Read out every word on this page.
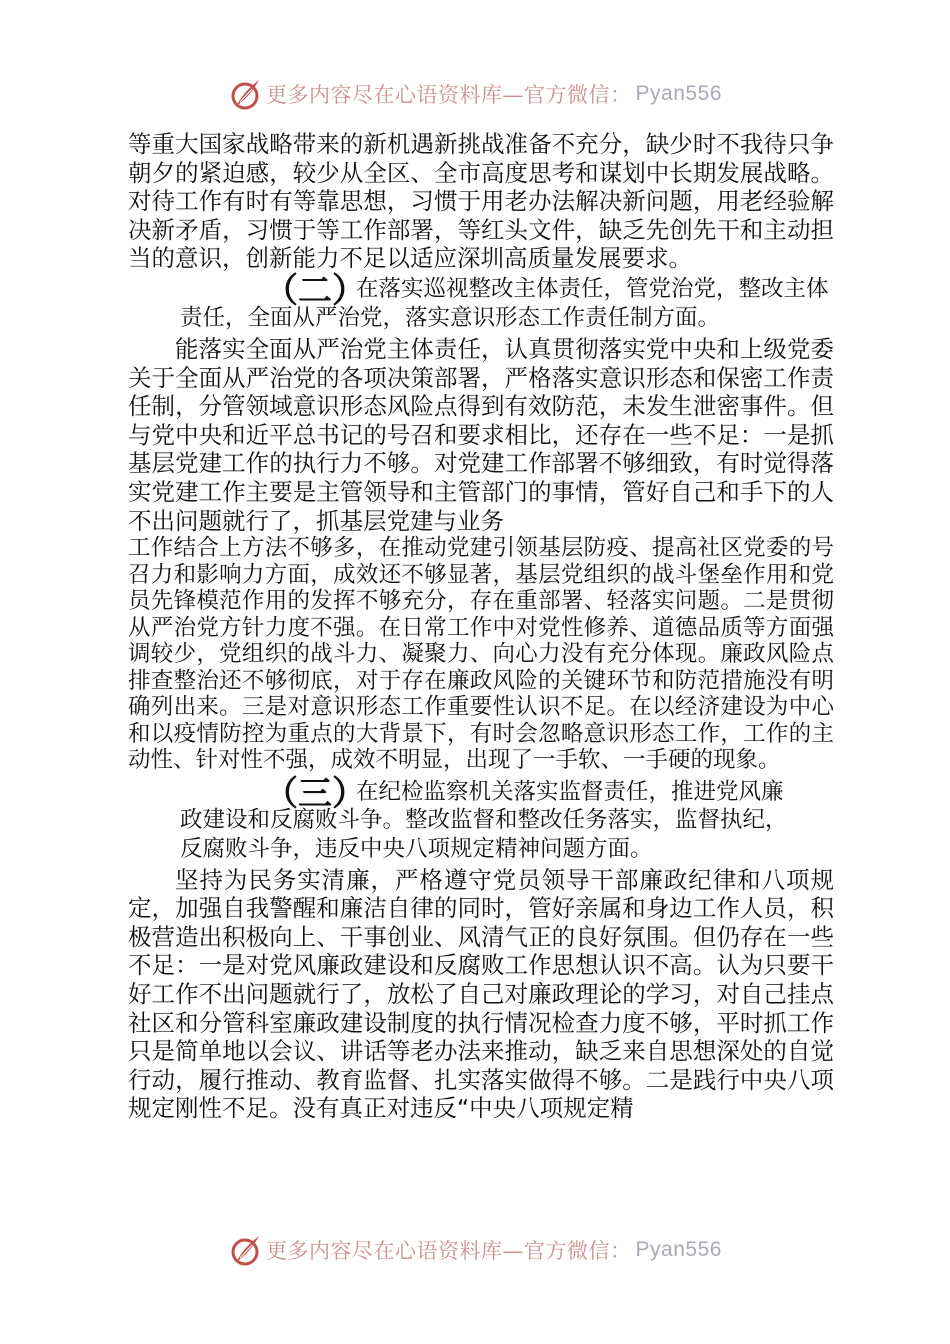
更多内容尽在心语资料库—官方微信： Pyan556

等重大国家战略带来的新机遇新挑战准备不充分，缺少时不我待只争朝夕的紧迫感，较少从全区、全市高度思考和谋划中长期发展战略。对待工作有时有等靠思想，习惯于用老办法解决新问题，用老经验解决新矛盾，习惯于等工作部署，等红头文件，缺乏先创先干和主动担当的意识，创新能力不足以适应深圳高质量发展要求。

（二）
在落实巡视整改主体责任，管党治党，整改主体
责任，全面从严治党，落实意识形态工作责任制方面。

能落实全面从严治党主体责任，认真贯彻落实党中央和上级党委关于全面从严治党的各项决策部署，严格落实意识形态和保密工作责任制，分管领域意识形态风险点得到有效防范，未发生泄密事件。但与党中央和近平总书记的号召和要求相比，还存在一些不足：一是抓基层党建工作的执行力不够。对党建工作部署不够细致，有时觉得落实党建工作主要是主管领导和主管部门的事情，管好自己和手下的人不出问题就行了，抓基层党建与业务

工作结合上方法不够多，在推动党建引领基层防疫、提高社区党委的号召力和影响力方面，成效还不够显著，基层党组织的战斗堡垒作用和党员先锋模范作用的发挥不够充分，存在重部署、轻落实问题。二是贯彻从严治党方针力度不强。在日常工作中对党性修养、道德品质等方面强调较少，党组织的战斗力、凝聚力、向心力没有充分体现。廉政风险点排查整治还不够彻底，对于存在廉政风险的关键环节和防范措施没有明确列出来。三是对意识形态工作重要性认识不足。在以经济建设为中心和以疫情防控为重点的大背景下，有时会忽略意识形态工作，工作的主动性、针对性不强，成效不明显，出现了一手软、一手硬的现象。

（三）
在纪检监察机关落实监督责任，推进党风廉
政建设和反腐败斗争。整改监督和整改任务落实，监督执纪，
反腐败斗争，违反中央八项规定精神问题方面。

坚持为民务实清廉，严格遵守党员领导干部廉政纪律和八项规定，加强自我警醒和廉洁自律的同时，管好亲属和身边工作人员，积极营造出积极向上、干事创业、风清气正的良好氛围。但仍存在一些不足：一是对党风廉政建设和反腐败工作思想认识不高。认为只要干好工作不出问题就行了，放松了自己对廉政理论的学习，对自己挂点社区和分管科室廉政建设制度的执行情况检查力度不够，平时抓工作只是简单地以会议、讲话等老办法来推动，缺乏来自思想深处的自觉行动，履行推动、教育监督、扎实落实做得不够。二是践行中央八项规定刚性不足。没有真正对违反“中央八项规定精

更多内容尽在心语资料库—官方微信： Pyan556
